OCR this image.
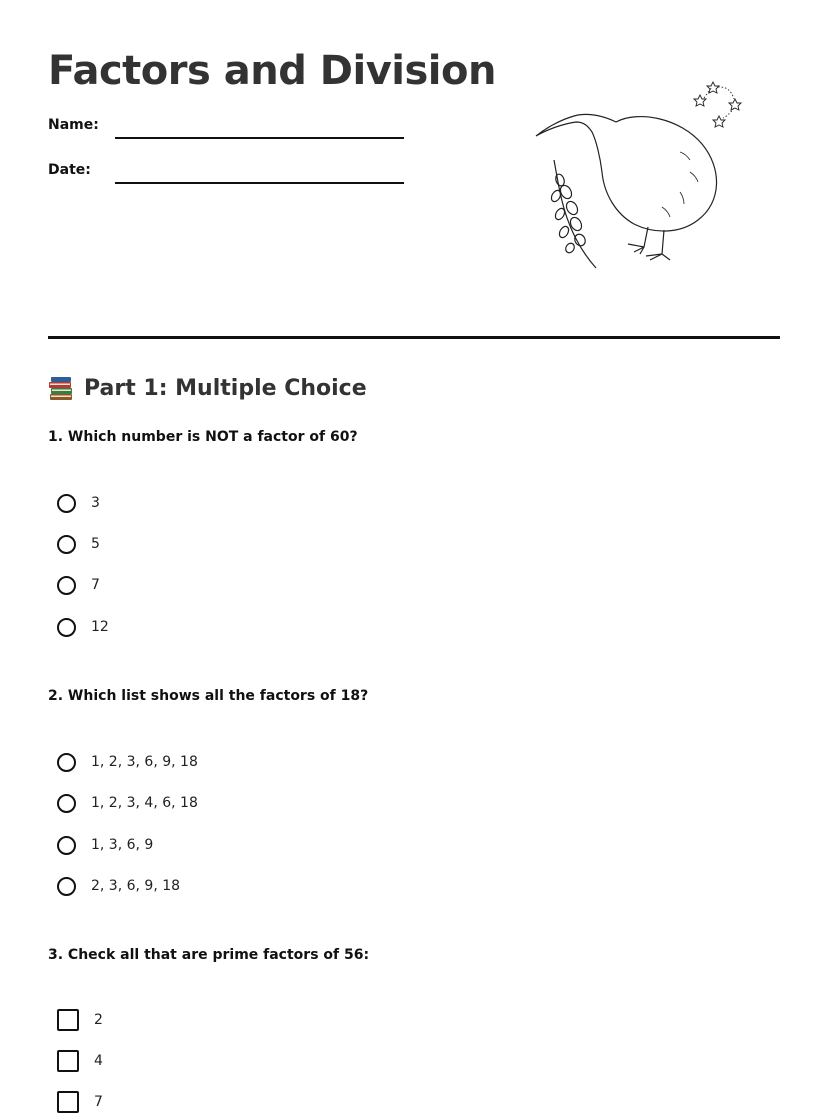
Factors and Division
Name:
Date:
Part 1: Multiple Choice

1. Which number is NOT a factor of 60?

3
5
7
12

2. Which list shows all the factors of 18?

1, 2, 3, 6, 9, 18
1, 2, 3, 4, 6, 18
1, 3, 6, 9
2, 3, 6, 9, 18

3. Check all that are prime factors of 56:

2
4
7
